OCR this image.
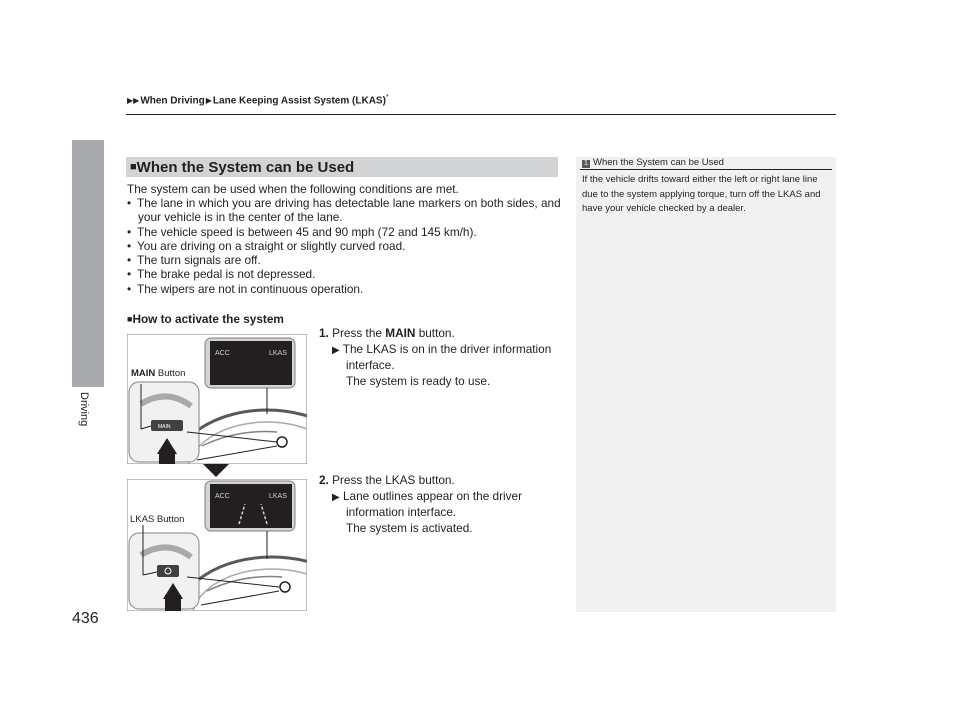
▶▶When Driving▶Lane Keeping Assist System (LKAS)*
Driving
436
■When the System can be Used
The system can be used when the following conditions are met.
• The lane in which you are driving has detectable lane markers on both sides, and
your vehicle is in the center of the lane.
• The vehicle speed is between 45 and 90 mph (72 and 145 km/h).
• You are driving on a straight or slightly curved road.
• The turn signals are off.
• The brake pedal is not depressed.
• The wipers are not in continuous operation.
■How to activate the system
1. Press the MAIN button.
▶ The LKAS is on in the driver information
interface.
The system is ready to use.
2. Press the LKAS button.
▶ Lane outlines appear on the driver
information interface.
The system is activated.
ACC	LKAS
MAIN
MAIN Button
ACC	LKAS
LKAS Button
1 When the System can be Used
If the vehicle drifts toward either the left or right lane line due to the system applying torque, turn off the LKAS and have your vehicle checked by a dealer.
